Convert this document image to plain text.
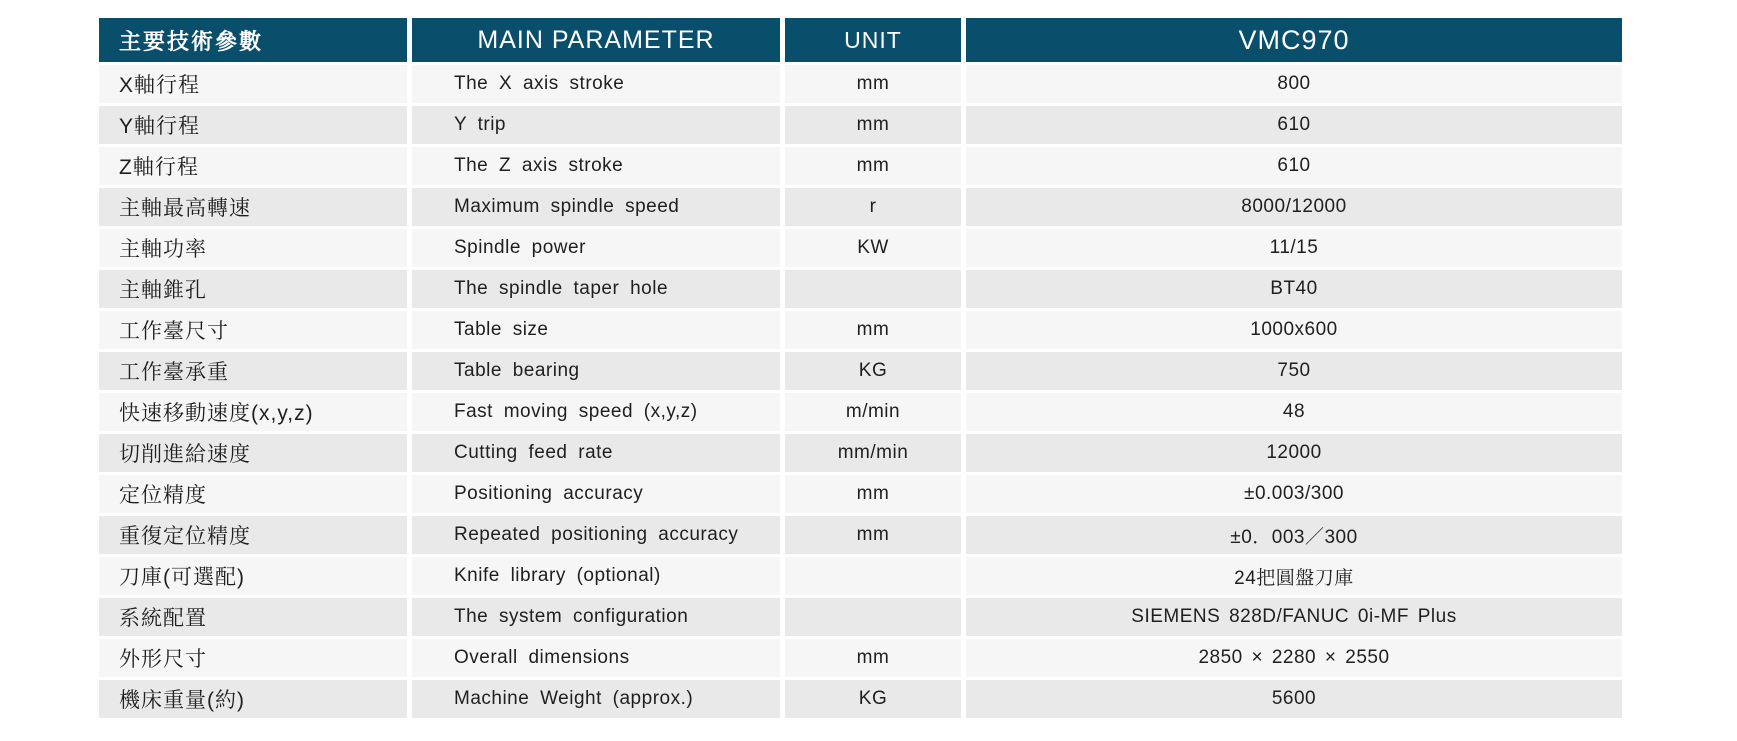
主要技術參數	MAIN PARAMETER	UNIT	VMC970
X軸行程	The X axis stroke	mm	800
Y軸行程	Y trip	mm	610
Z軸行程	The Z axis stroke	mm	610
主軸最高轉速	Maximum spindle speed	r	8000/12000
主軸功率	Spindle power	KW	11/15
主軸錐孔	The spindle taper hole		BT40
工作臺尺寸	Table size	mm	1000x600
工作臺承重	Table bearing	KG	750
快速移動速度(x,y,z)	Fast moving speed (x,y,z)	m/min	48
切削進給速度	Cutting feed rate	mm/min	12000
定位精度	Positioning accuracy	mm	±0.003/300
重復定位精度	Repeated positioning accuracy	mm	±0．003／300
刀庫(可選配)	Knife library (optional)		24把圓盤刀庫
系統配置	The system configuration		SIEMENS 828D/FANUC 0i-MF Plus
外形尺寸	Overall dimensions	mm	2850 × 2280 × 2550
機床重量(約)	Machine Weight (approx.)	KG	5600
